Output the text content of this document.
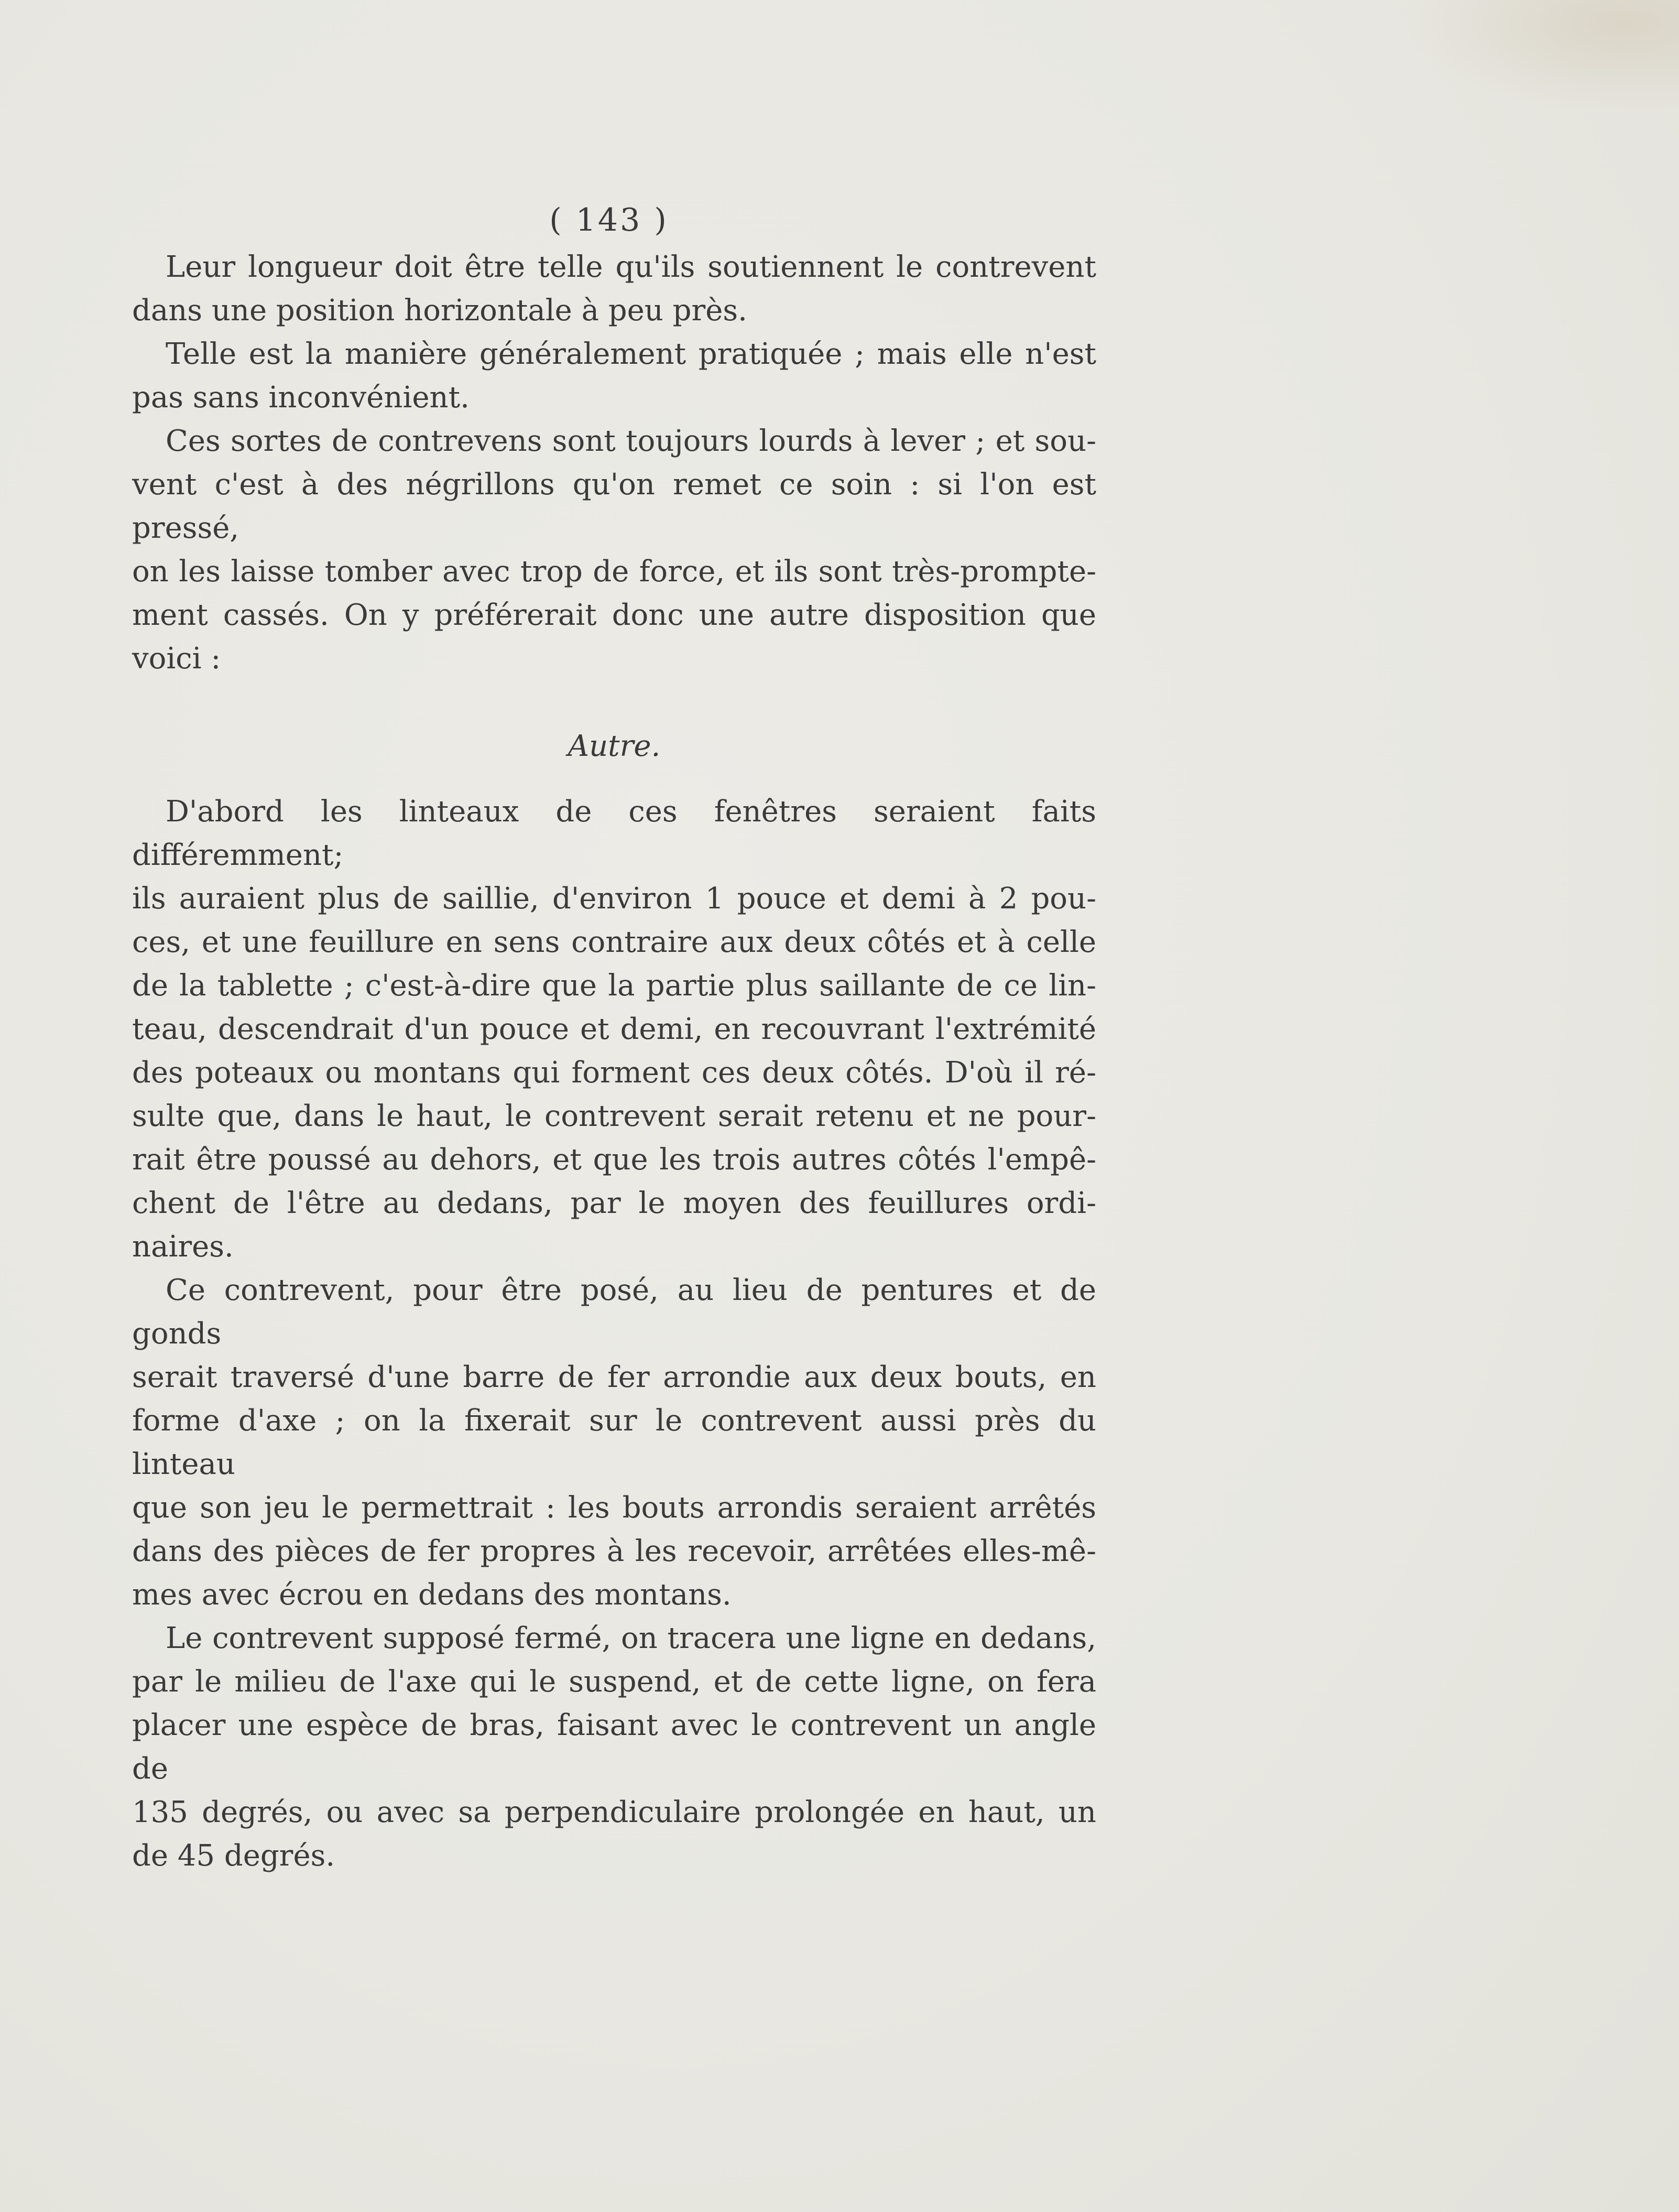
( 143 )

Leur longueur doit être telle qu'ils soutiennent le contrevent
dans une position horizontale à peu près.

Telle est la manière généralement pratiquée ; mais elle n'est
pas sans inconvénient.

Ces sortes de contrevens sont toujours lourds à lever ; et sou-
vent c'est à des négrillons qu'on remet ce soin : si l'on est pressé,
on les laisse tomber avec trop de force, et ils sont très-prompte-
ment cassés. On y préférerait donc une autre disposition que
voici :

Autre.

D'abord les linteaux de ces fenêtres seraient faits différemment;
ils auraient plus de saillie, d'environ 1 pouce et demi à 2 pou-
ces, et une feuillure en sens contraire aux deux côtés et à celle
de la tablette ; c'est-à-dire que la partie plus saillante de ce lin-
teau, descendrait d'un pouce et demi, en recouvrant l'extrémité
des poteaux ou montans qui forment ces deux côtés. D'où il ré-
sulte que, dans le haut, le contrevent serait retenu et ne pour-
rait être poussé au dehors, et que les trois autres côtés l'empê-
chent de l'être au dedans, par le moyen des feuillures ordi-
naires.

Ce contrevent, pour être posé, au lieu de pentures et de gonds
serait traversé d'une barre de fer arrondie aux deux bouts, en
forme d'axe ; on la fixerait sur le contrevent aussi près du linteau
que son jeu le permettrait : les bouts arrondis seraient arrêtés
dans des pièces de fer propres à les recevoir, arrêtées elles-mê-
mes avec écrou en dedans des montans.

Le contrevent supposé fermé, on tracera une ligne en dedans,
par le milieu de l'axe qui le suspend, et de cette ligne, on fera
placer une espèce de bras, faisant avec le contrevent un angle de
135 degrés, ou avec sa perpendiculaire prolongée en haut, un
de 45 degrés.
